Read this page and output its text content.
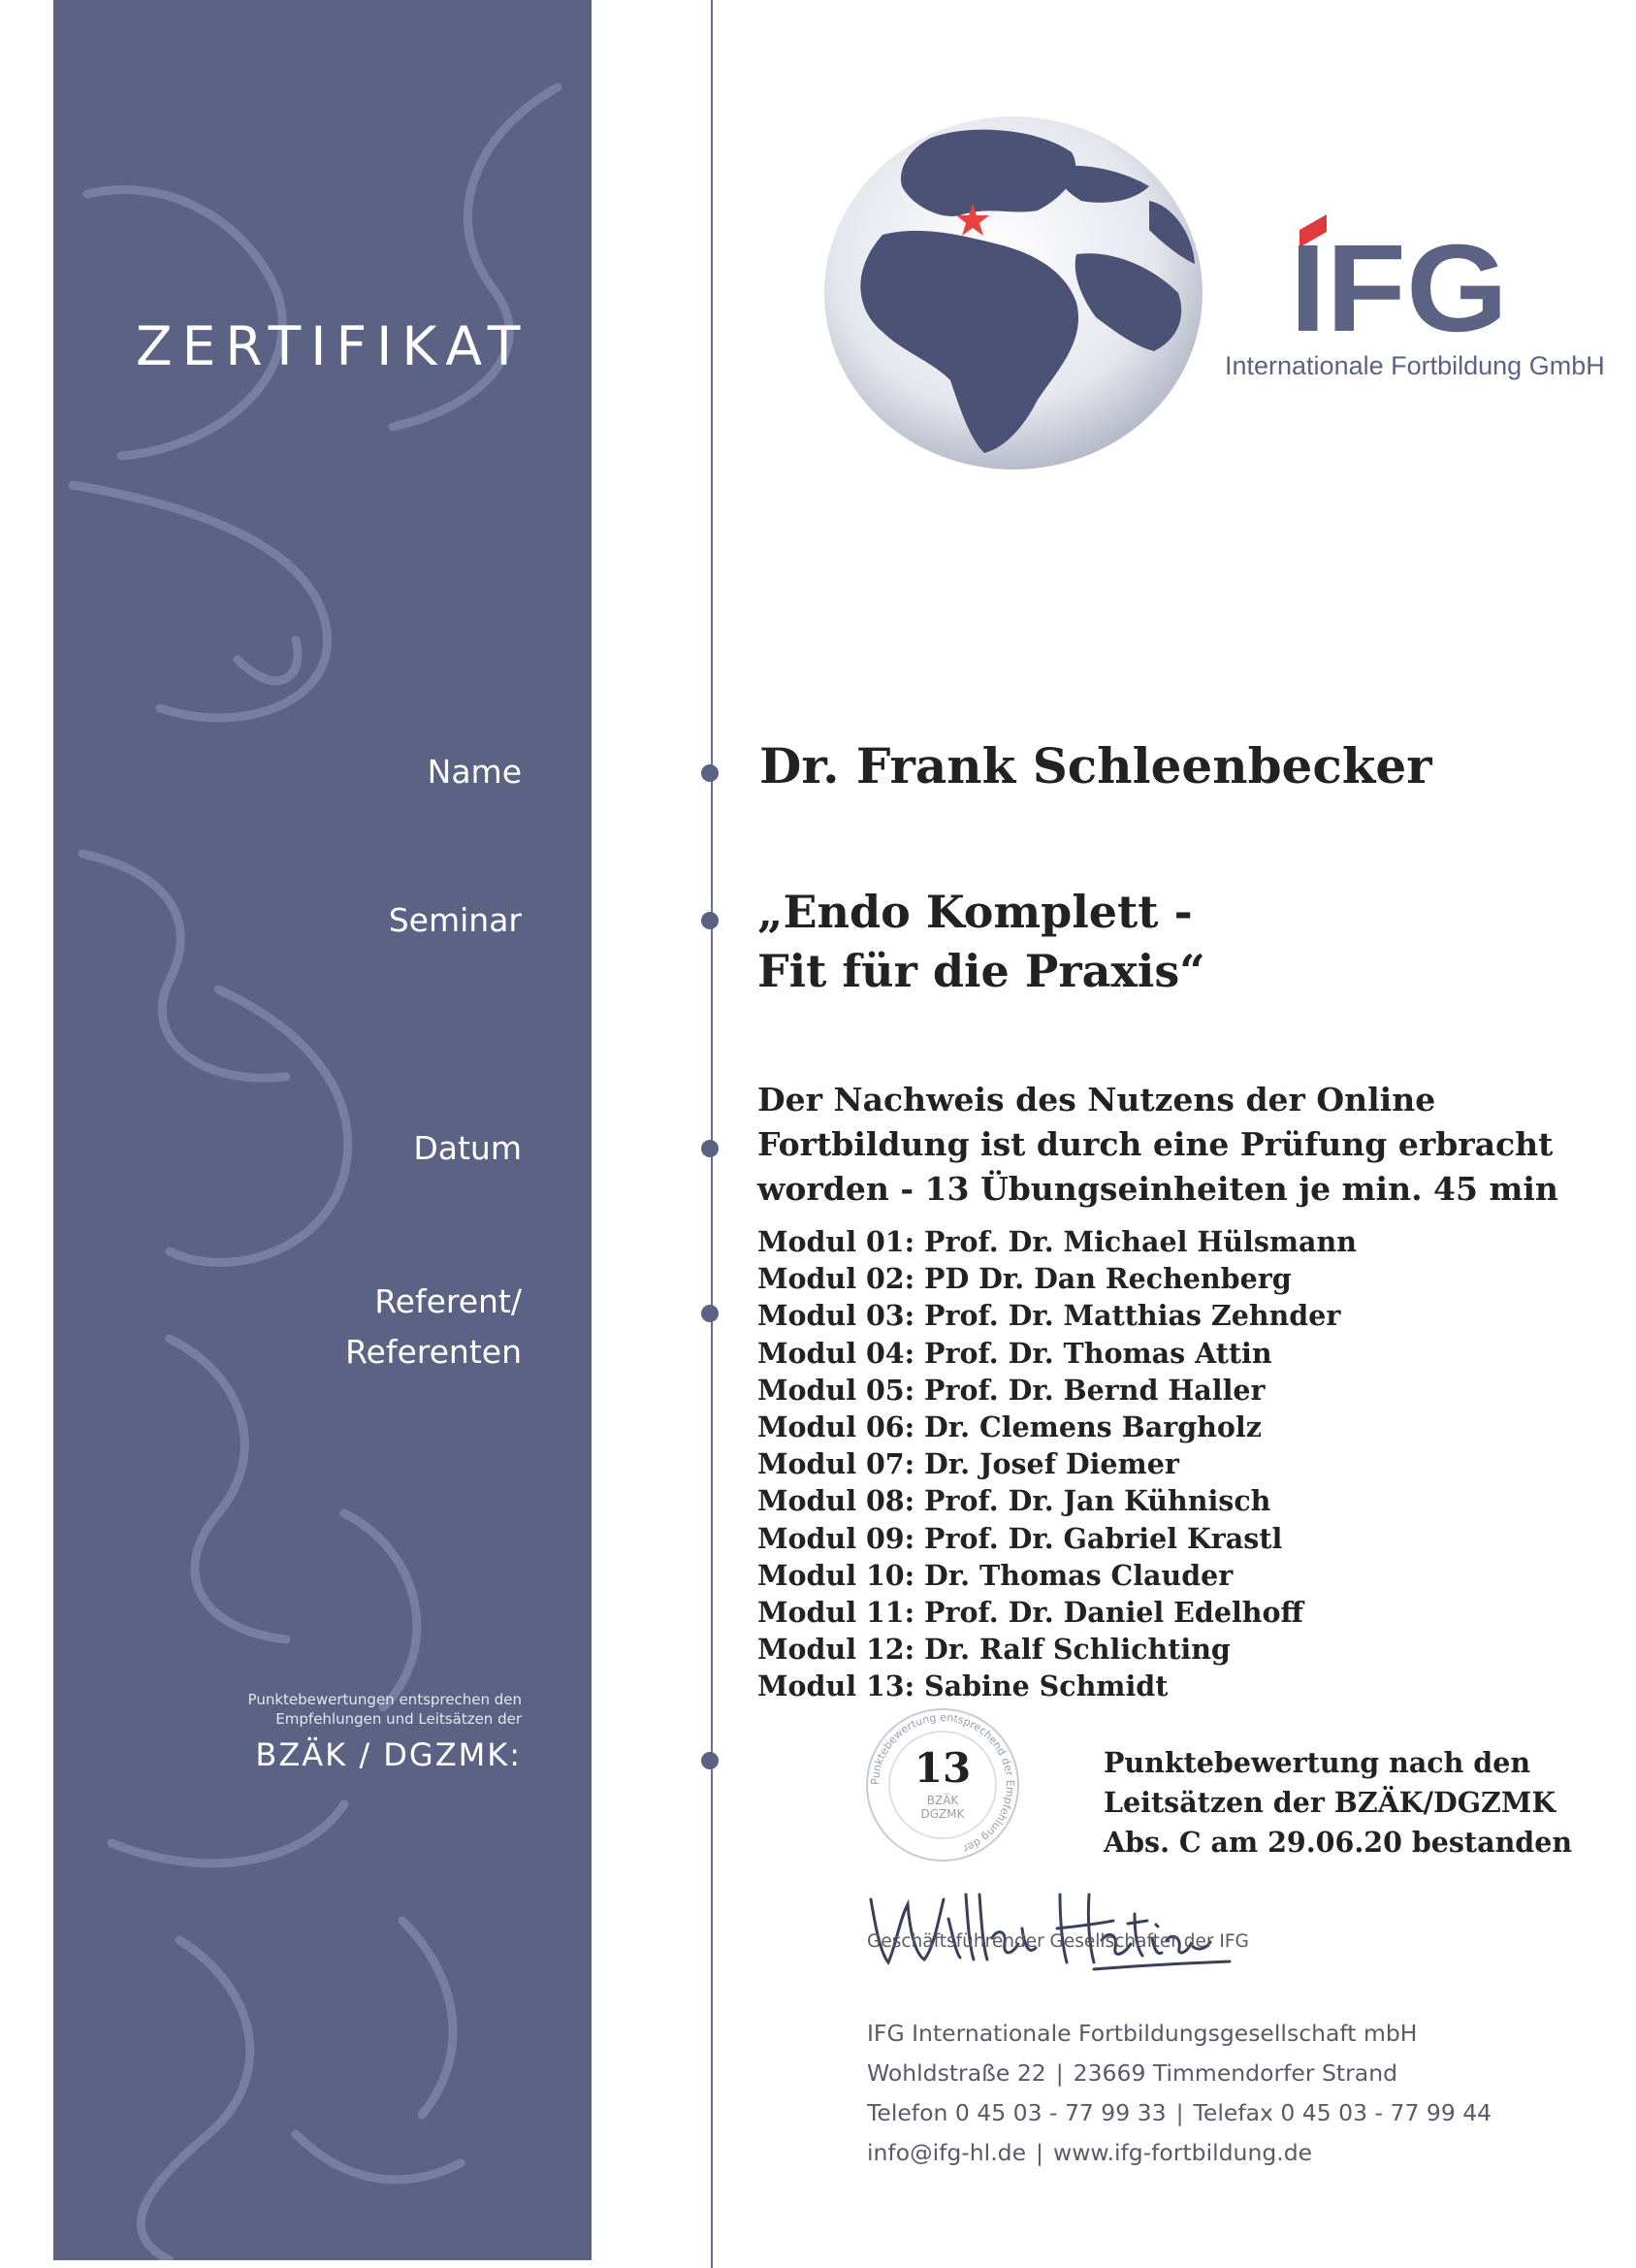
ZERTIFIKAT
Name
Seminar
Datum
Referent/
Referenten
Punktebewertungen entsprechen den Empfehlungen und Leitsätzen der
BZÄK / DGZMK:
IFG
Internationale Fortbildung GmbH
Dr. Frank Schleenbecker
„Endo Komplett -
Fit für die Praxis“
Der Nachweis des Nutzens der Online
Fortbildung ist durch eine Prüfung erbracht
worden - 13 Übungseinheiten je min. 45 min
Modul 01: Prof. Dr. Michael Hülsmann
Modul 02: PD Dr. Dan Rechenberg
Modul 03: Prof. Dr. Matthias Zehnder
Modul 04: Prof. Dr. Thomas Attin
Modul 05: Prof. Dr. Bernd Haller
Modul 06: Dr. Clemens Bargholz
Modul 07: Dr. Josef Diemer
Modul 08: Prof. Dr. Jan Kühnisch
Modul 09: Prof. Dr. Gabriel Krastl
Modul 10: Dr. Thomas Clauder
Modul 11: Prof. Dr. Daniel Edelhoff
Modul 12: Dr. Ralf Schlichting
Modul 13: Sabine Schmidt
Punktebewertung entsprechend der Empfehlung der
13
BZÄK
DGZMK
Punktebewertung nach den
Leitsätzen der BZÄK/DGZMK
Abs. C am 29.06.20 bestanden
Geschäftsführender Gesellschafter der IFG
IFG Internationale Fortbildungsgesellschaft mbH
Wohldstraße 22 | 23669 Timmendorfer Strand
Telefon 0 45 03 - 77 99 33 | Telefax 0 45 03 - 77 99 44
info@ifg-hl.de | www.ifg-fortbildung.de
